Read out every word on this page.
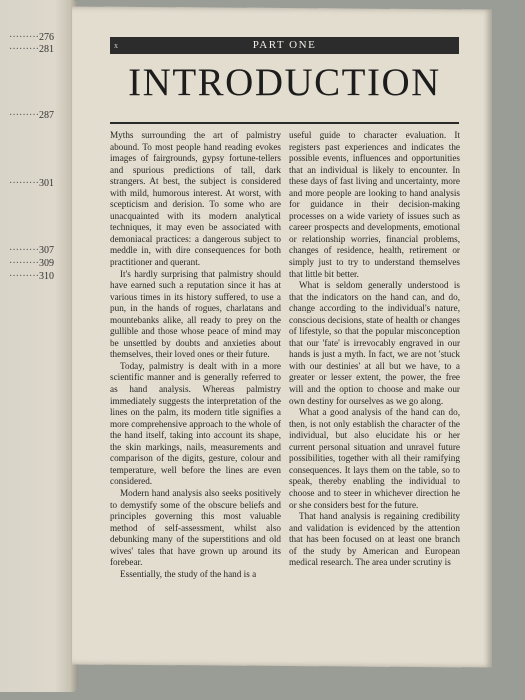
·········276
·········281
·········287
·········301
·········307
·········309
·········310
x	PART ONE
INTRODUCTION

Myths surrounding the art of palmistry abound. To most people hand reading evokes images of fairgrounds, gypsy fortune-tellers and spurious predictions of tall, dark strangers. At best, the subject is considered with mild, humorous interest. At worst, with scepticism and derision. To some who are unacquainted with its modern analytical techniques, it may even be associated with demoniacal practices: a dangerous subject to meddle in, with dire consequences for both practitioner and querant.

It's hardly surprising that palmistry should have earned such a reputation since it has at various times in its history suffered, to use a pun, in the hands of rogues, charlatans and mountebanks alike, all ready to prey on the gullible and those whose peace of mind may be unsettled by doubts and anxieties about themselves, their loved ones or their future.

Today, palmistry is dealt with in a more scientific manner and is generally referred to as hand analysis. Whereas palmistry immediately suggests the interpretation of the lines on the palm, its modern title signifies a more comprehensive approach to the whole of the hand itself, taking into account its shape, the skin markings, nails, measurements and comparison of the digits, gesture, colour and temperature, well before the lines are even considered.

Modern hand analysis also seeks positively to demystify some of the obscure beliefs and principles governing this most valuable method of self-assessment, whilst also debunking many of the superstitions and old wives' tales that have grown up around its forebear.

Essentially, the study of the hand is a

useful guide to character evaluation. It registers past experiences and indicates the possible events, influences and opportunities that an individual is likely to encounter. In these days of fast living and uncertainty, more and more people are looking to hand analysis for guidance in their decision-making processes on a wide variety of issues such as career prospects and developments, emotional or relationship worries, financial problems, changes of residence, health, retirement or simply just to try to understand themselves that little bit better.

What is seldom generally understood is that the indicators on the hand can, and do, change according to the individual's nature, conscious decisions, state of health or changes of lifestyle, so that the popular misconception that our 'fate' is irrevocably engraved in our hands is just a myth. In fact, we are not 'stuck with our destinies' at all but we have, to a greater or lesser extent, the power, the free will and the option to choose and make our own destiny for ourselves as we go along.

What a good analysis of the hand can do, then, is not only establish the character of the individual, but also elucidate his or her current personal situation and unravel future possibilities, together with all their ramifying consequences. It lays them on the table, so to speak, thereby enabling the individual to choose and to steer in whichever direction he or she considers best for the future.

That hand analysis is regaining credibility and validation is evidenced by the attention that has been focused on at least one branch of the study by American and European medical research. The area under scrutiny is
